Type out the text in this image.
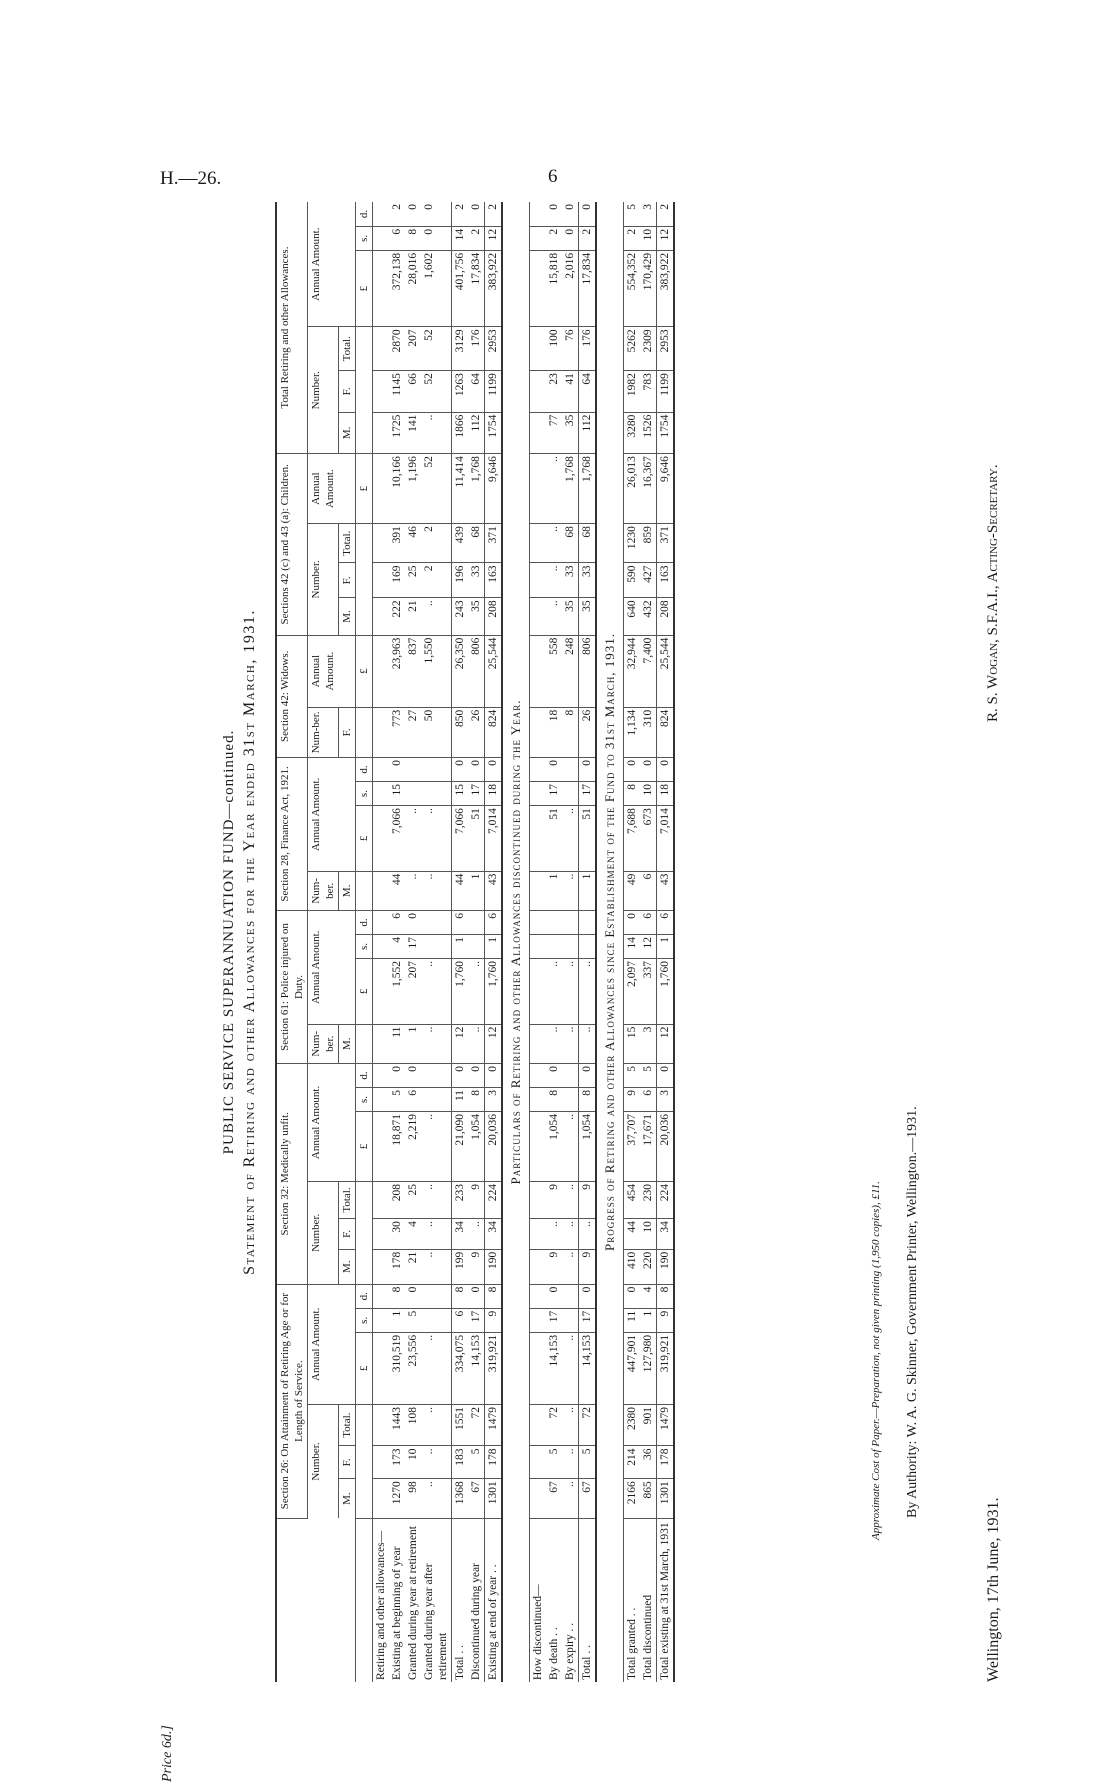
H.—26.	6
PUBLIC SERVICE SUPERANNUATION FUND—continued. Statement of Retiring and other Allowances for the Year ended 31st March, 1931.
	Section 26: On Attainment of Retiring Age or for Length of Service.						Section 32: Medically unfit.						Section 61: Police injured on Duty.				Section 28, Finance Act, 1921.				Section 42: Widows.		Sections 42 (c) and 43 (a): Children.				Total Retiring and other Allowances.					
	Number.			Annual Amount.			Number.			Annual Amount.			Num-ber.	Annual Amount.			Num-ber.	Annual Amount.			Num-ber.	Annual Amount.	Number.			Annual Amount.	Number.			Annual Amount.		
	M.	F.	Total.				M.	F.	Total.				M.				M.				F.		M.	F.	Total.		M.	F.	Total.			
				£	s.	d.				£	s.	d.		£	s.	d.		£	s.	d.		£				£				£	s.	d.
Retiring and other allowances—																																
Existing at beginning of year	1270	173	1443	310,519	1	8	178	30	208	18,871	5	0	11	1,552	4	6	44	7,066	15	0	773	23,963	222	169	391	10,166	1725	1145	2870	372,138	6	2
Granted during year at retirement	98	10	108	23,556	5	0	21	4	25	2,219	6	0	1	207	17	0	..	..			27	837	21	25	46	1,196	141	66	207	28,016	8	0
Granted during year after retirement	..	..	..	..			..	..	..	..			..	..			..	..			50	1,550	..	2	2	52	..	52	52	1,602	0	0
Total . .	1368	183	1551	334,075	6	8	199	34	233	21,090	11	0	12	1,760	1	6	44	7,066	15	0	850	26,350	243	196	439	11,414	1866	1263	3129	401,756	14	2
Discontinued during year	67	5	72	14,153	17	0	9	..	9	1,054	8	0	..	..			1	51	17	0	26	806	35	33	68	1,768	112	64	176	17,834	2	0
Existing at end of year . .	1301	178	1479	319,921	9	8	190	34	224	20,036	3	0	12	1,760	1	6	43	7,014	18	0	824	25,544	208	163	371	9,646	1754	1199	2953	383,922	12	2
Particulars of Retiring and other Allowances discontinued during the Year.																																
How discontinued—																																
By death . .	67	5	72	14,153	17	0	9	..	9	1,054	8	0	..	..			1	51	17	0	18	558	..	..	..	..	77	23	100	15,818	2	0
By expiry . .	..	..	..	..			..	..	..	..			..	..			..	..			8	248	35	33	68	1,768	35	41	76	2,016	0	0
Total . .	67	5	72	14,153	17	0	9	..	9	1,054	8	0	..	..			1	51	17	0	26	806	35	33	68	1,768	112	64	176	17,834	2	0
Progress of Retiring and other Allowances since Establishment of the Fund to 31st March, 1931.																																
Total granted . .	2166	214	2380	447,901	11	0	410	44	454	37,707	9	5	15	2,097	14	0	49	7,688	8	0	1,134	32,944	640	590	1230	26,013	3280	1982	5262	554,352	2	5
Total discontinued	865	36	901	127,980	1	4	220	10	230	17,671	6	5	3	337	12	6	6	673	10	0	310	7,400	432	427	859	16,367	1526	783	2309	170,429	10	3
Total existing at 31st March, 1931	1301	178	1479	319,921	9	8	190	34	224	20,036	3	0	12	1,760	1	6	43	7,014	18	0	824	25,544	208	163	371	9,646	1754	1199	2953	383,922	12	2
Wellington, 17th June, 1931.
R. S. Wogan, S.F.A.I., Acting-Secretary.
Price 6d.]
Approximate Cost of Paper.—Preparation, not given printing (1,950 copies), £11. By Authority: W. A. G. Skinner, Government Printer, Wellington.—1931.
